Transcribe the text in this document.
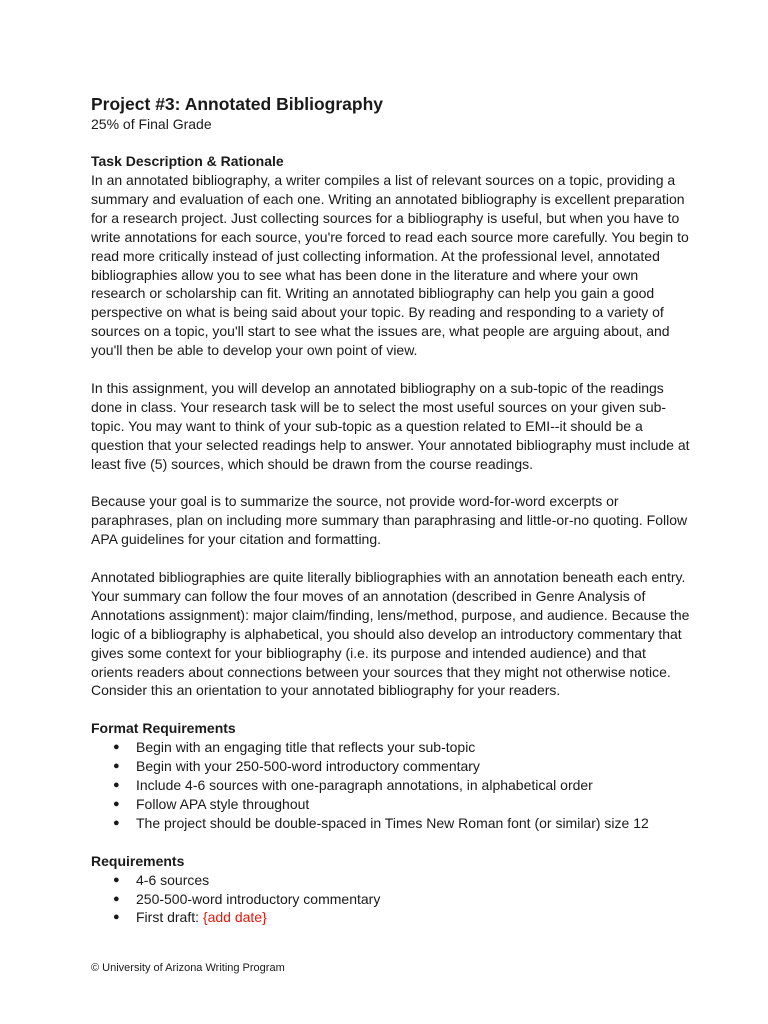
Project #3: Annotated Bibliography

25% of Final Grade

Task Description & Rationale

In an annotated bibliography, a writer compiles a list of relevant sources on a topic, providing a summary and evaluation of each one. Writing an annotated bibliography is excellent preparation for a research project. Just collecting sources for a bibliography is useful, but when you have to write annotations for each source, you're forced to read each source more carefully. You begin to read more critically instead of just collecting information. At the professional level, annotated bibliographies allow you to see what has been done in the literature and where your own research or scholarship can fit. Writing an annotated bibliography can help you gain a good perspective on what is being said about your topic. By reading and responding to a variety of sources on a topic, you'll start to see what the issues are, what people are arguing about, and you'll then be able to develop your own point of view.

In this assignment, you will develop an annotated bibliography on a sub-topic of the readings done in class. Your research task will be to select the most useful sources on your given sub-topic. You may want to think of your sub-topic as a question related to EMI--it should be a question that your selected readings help to answer. Your annotated bibliography must include at least five (5) sources, which should be drawn from the course readings.

Because your goal is to summarize the source, not provide word-for-word excerpts or paraphrases, plan on including more summary than paraphrasing and little-or-no quoting. Follow APA guidelines for your citation and formatting.

Annotated bibliographies are quite literally bibliographies with an annotation beneath each entry. Your summary can follow the four moves of an annotation (described in Genre Analysis of Annotations assignment): major claim/finding, lens/method, purpose, and audience. Because the logic of a bibliography is alphabetical, you should also develop an introductory commentary that gives some context for your bibliography (i.e. its purpose and intended audience) and that orients readers about connections between your sources that they might not otherwise notice. Consider this an orientation to your annotated bibliography for your readers.

Format Requirements
● Begin with an engaging title that reflects your sub-topic
● Begin with your 250-500-word introductory commentary
● Include 4-6 sources with one-paragraph annotations, in alphabetical order
● Follow APA style throughout
● The project should be double-spaced in Times New Roman font (or similar) size 12
Requirements
● 4-6 sources
● 250-500-word introductory commentary
● First draft: {add date}
© University of Arizona Writing Program
